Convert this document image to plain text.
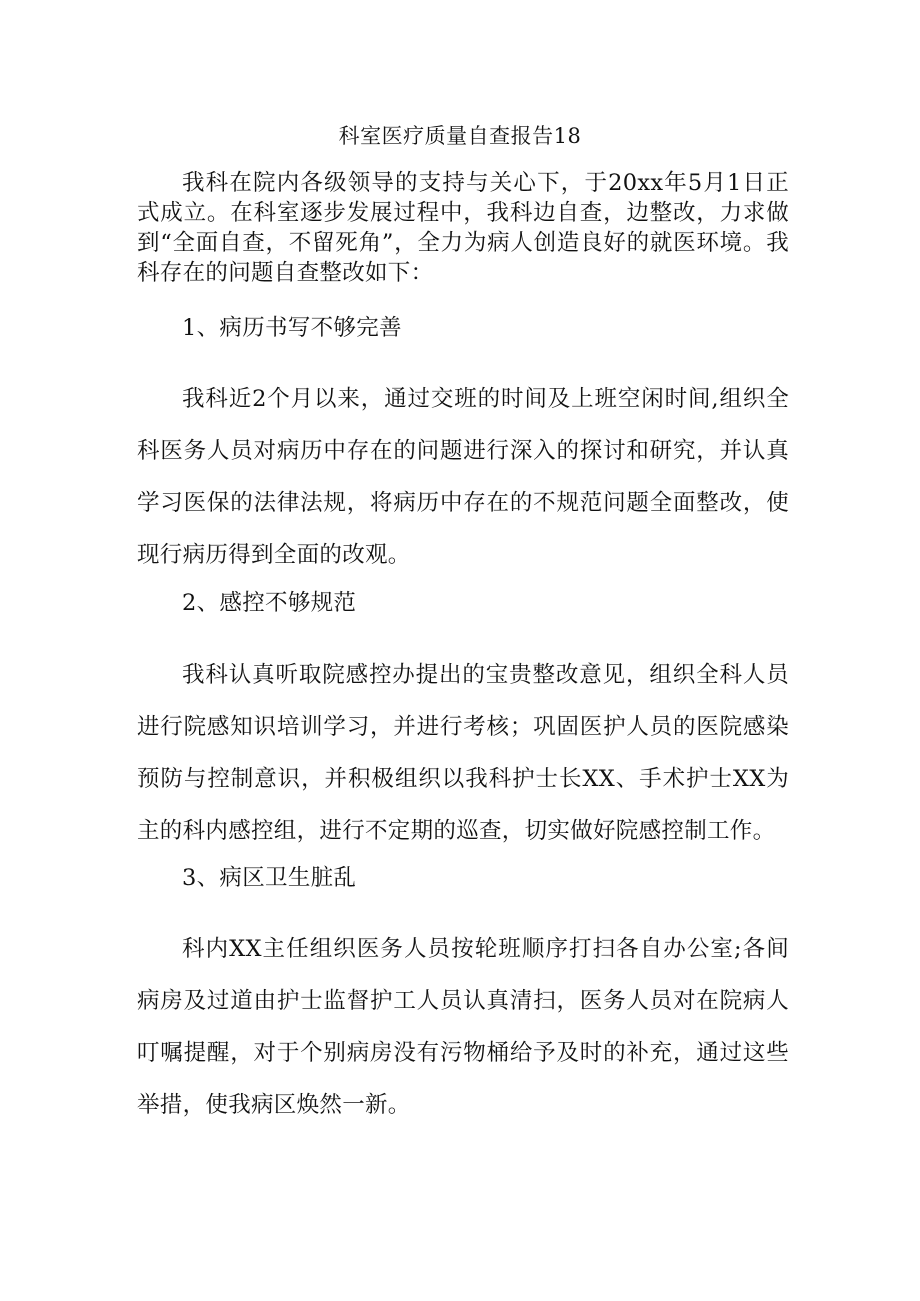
科室医疗质量自查报告18

我科在院内各级领导的支持与关心下，于20xx年5月1日正式成立。在科室逐步发展过程中，我科边自查，边整改，力求做到“全面自查，不留死角”，全力为病人创造良好的就医环境。我科存在的问题自查整改如下：

1、病历书写不够完善

我科近2个月以来，通过交班的时间及上班空闲时间,组织全科医务人员对病历中存在的问题进行深入的探讨和研究，并认真学习医保的法律法规，将病历中存在的不规范问题全面整改，使现行病历得到全面的改观。

2、感控不够规范

我科认真听取院感控办提出的宝贵整改意见，组织全科人员进行院感知识培训学习，并进行考核；巩固医护人员的医院感染预防与控制意识，并积极组织以我科护士长XX、手术护士XX为主的科内感控组，进行不定期的巡查，切实做好院感控制工作。

3、病区卫生脏乱

科内XX主任组织医务人员按轮班顺序打扫各自办公室;各间病房及过道由护士监督护工人员认真清扫，医务人员对在院病人叮嘱提醒，对于个别病房没有污物桶给予及时的补充，通过这些举措，使我病区焕然一新。
